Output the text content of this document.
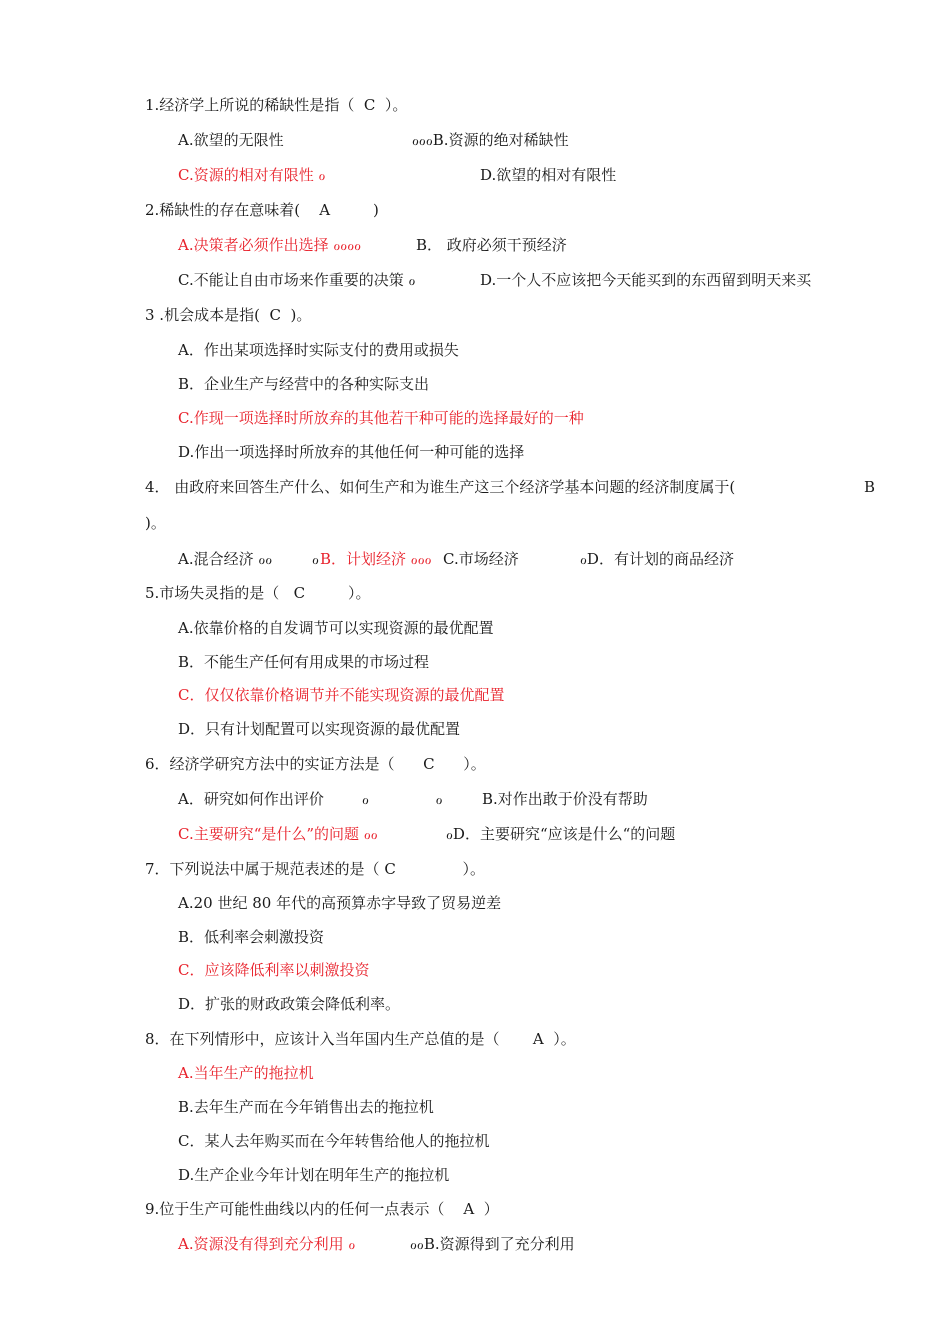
1.经济学上所说的稀缺性是指（  C  ）。
A.欲望的无限性	ℴℴℴB.资源的绝对稀缺性
C.资源的相对有限性 ℴ	D.欲望的相对有限性
2.稀缺性的存在意味着(    A         )
A.决策者必须作出选择 ℴℴℴℴ	B． 政府必须干预经济
C.不能让自由市场来作重要的决策 ℴ	D.一个人不应该把今天能买到的东西留到明天来买
3 .机会成本是指(  C  )。
A．作出某项选择时实际支付的费用或损失
B．企业生产与经营中的各种实际支出
C.作现一项选择时所放弃的其他若干种可能的选择最好的一种
D.作出一项选择时所放弃的其他任何一种可能的选择
4． 由政府来回答生产什么、如何生产和为谁生产这三个经济学基本问题的经济制度属于(	B
)。
A.混合经济 ℴℴ	ℴ B．计划经济 ℴℴℴ C.市场经济	ℴD．有计划的商品经济
5.市场失灵指的是（   C         ）。
A.依靠价格的自发调节可以实现资源的最优配置
B．不能生产任何有用成果的市场过程
C．仅仅依靠价格调节并不能实现资源的最优配置
D．只有计划配置可以实现资源的最优配置
6．经济学研究方法中的实证方法是（      C      ）。
A．研究如何作出评价        ℴ              ℴ	B.对作出敢于价没有帮助
C.主要研究“是什么”的问题 ℴℴ	ℴD．主要研究“应该是什么“的问题
7．下列说法中属于规范表述的是（ C              ）。
A.20 世纪 80 年代的高预算赤字导致了贸易逆差
B．低利率会刺激投资
C．应该降低利率以刺激投资
D．扩张的财政政策会降低利率。
8．在下列情形中，应该计入当年国内生产总值的是（       A  ）。
A.当年生产的拖拉机
B.去年生产而在今年销售出去的拖拉机
C．某人去年购买而在今年转售给他人的拖拉机
D.生产企业今年计划在明年生产的拖拉机
9.位于生产可能性曲线以内的任何一点表示（    A  ）
A.资源没有得到充分利用 ℴ	ℴℴB.资源得到了充分利用
